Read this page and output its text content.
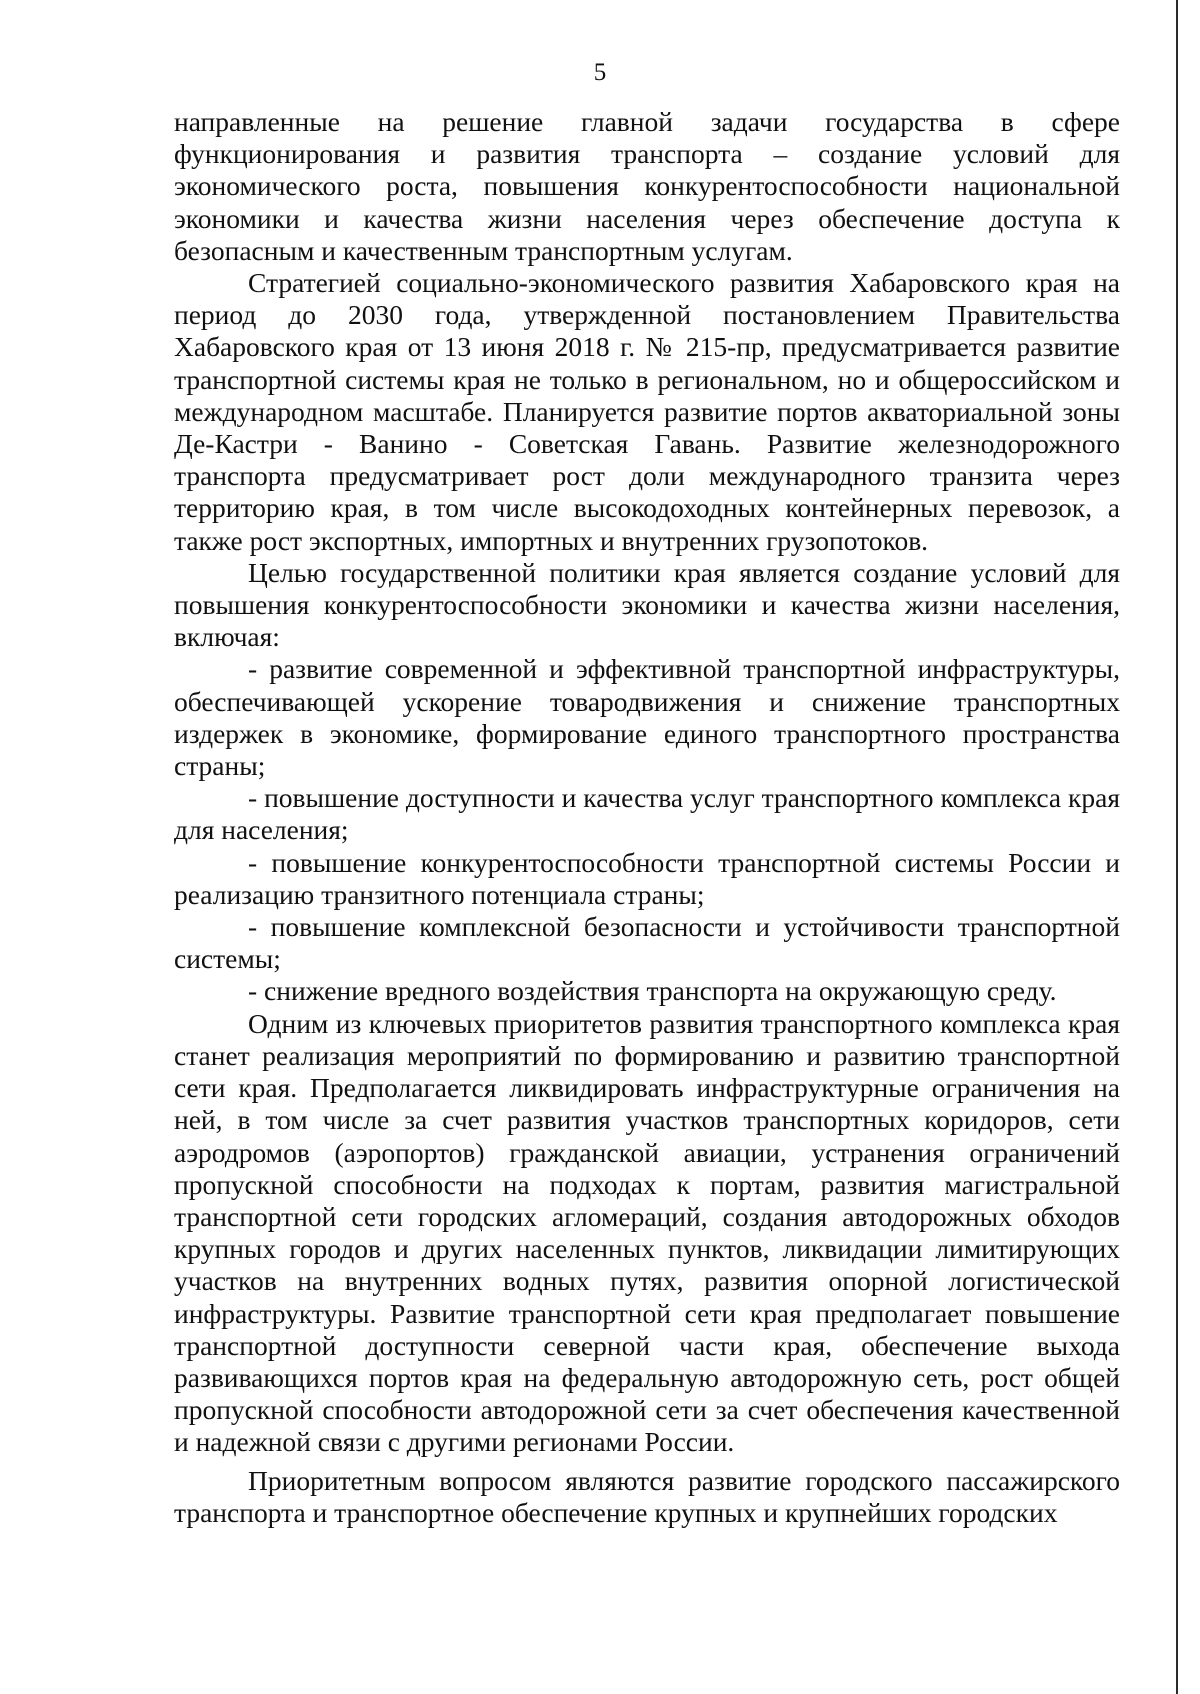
5

направленные на решение главной задачи государства в сфере функционирования и развития транспорта – создание условий для экономического роста, повышения конкурентоспособности национальной экономики и качества жизни населения через обеспечение доступа к безопасным и качественным транспортным услугам.

Стратегией социально-экономического развития Хабаровского края на период до 2030 года, утвержденной постановлением Правительства Хабаровского края от 13 июня 2018 г. № 215-пр, предусматривается развитие транспортной системы края не только в региональном, но и общероссийском и международном масштабе. Планируется развитие портов акваториальной зоны Де-Кастри - Ванино - Советская Гавань. Развитие железнодорожного транспорта предусматривает рост доли международного транзита через территорию края, в том числе высокодоходных контейнерных перевозок, а также рост экспортных, импортных и внутренних грузопотоков.

Целью государственной политики края является создание условий для повышения конкурентоспособности экономики и качества жизни населения, включая:

- развитие современной и эффективной транспортной инфраструктуры, обеспечивающей ускорение товародвижения и снижение транспортных издержек в экономике, формирование единого транспортного пространства страны;

- повышение доступности и качества услуг транспортного комплекса края для населения;

- повышение конкурентоспособности транспортной системы России и реализацию транзитного потенциала страны;

- повышение комплексной безопасности и устойчивости транспортной системы;

- снижение вредного воздействия транспорта на окружающую среду.

Одним из ключевых приоритетов развития транспортного комплекса края станет реализация мероприятий по формированию и развитию транспортной сети края. Предполагается ликвидировать инфраструктурные ограничения на ней, в том числе за счет развития участков транспортных коридоров, сети аэродромов (аэропортов) гражданской авиации, устранения ограничений пропускной способности на подходах к портам, развития магистральной транспортной сети городских агломераций, создания автодорожных обходов крупных городов и других населенных пунктов, ликвидации лимитирующих участков на внутренних водных путях, развития опорной логистической инфраструктуры. Развитие транспортной сети края предполагает повышение транспортной доступности северной части края, обеспечение выхода развивающихся портов края на федеральную автодорожную сеть, рост общей пропускной способности автодорожной сети за счет обеспечения качественной и надежной связи с другими регионами России.

Приоритетным вопросом являются развитие городского пассажирского транспорта и транспортное обеспечение крупных и крупнейших городских
